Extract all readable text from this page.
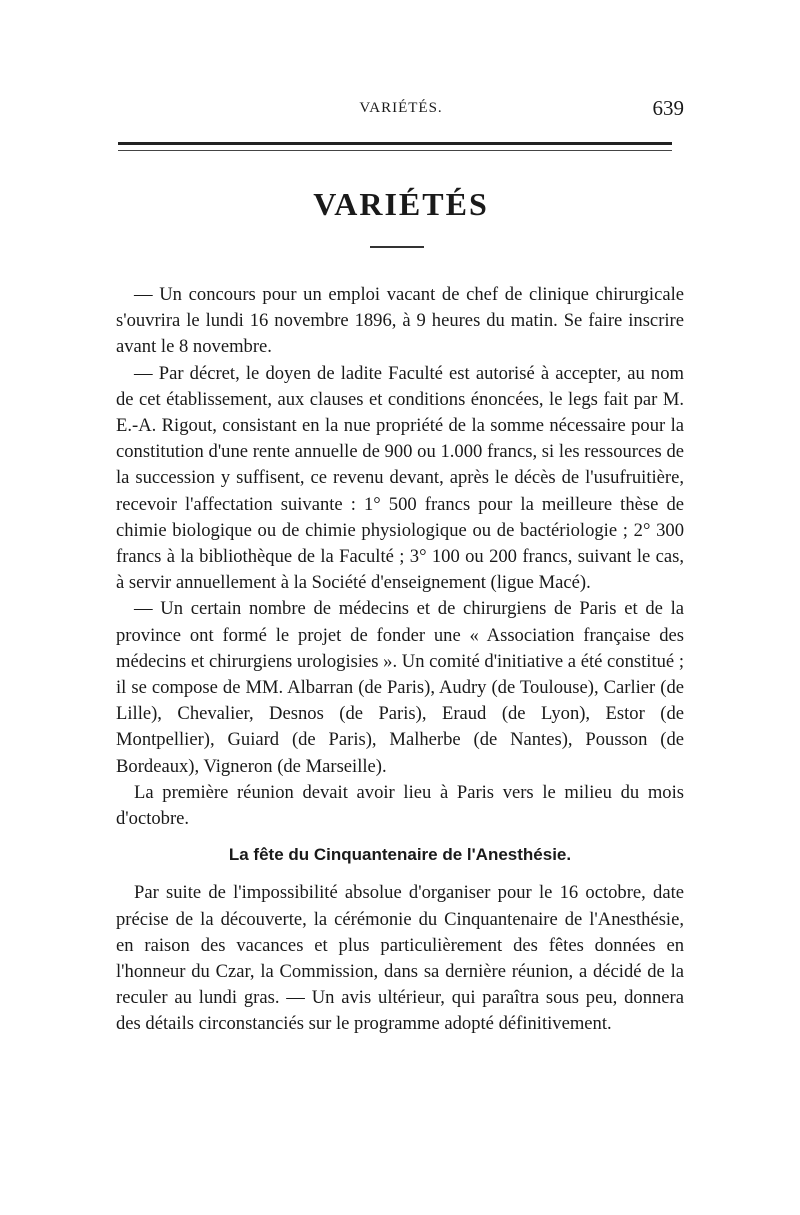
VARIÉTÉS.	639
VARIÉTÉS

— Un concours pour un emploi vacant de chef de clinique chirurgicale s'ouvrira le lundi 16 novembre 1896, à 9 heures du matin. Se faire inscrire avant le 8 novembre.

— Par décret, le doyen de ladite Faculté est autorisé à accepter, au nom de cet établissement, aux clauses et conditions énoncées, le legs fait par M. E.-A. Rigout, consistant en la nue propriété de la somme nécessaire pour la constitution d'une rente annuelle de 900 ou 1.000 francs, si les ressources de la succession y suffisent, ce revenu devant, après le décès de l'usufruitière, recevoir l'affectation suivante : 1° 500 francs pour la meilleure thèse de chimie biologique ou de chimie physiologique ou de bactériologie ; 2° 300 francs à la bibliothèque de la Faculté ; 3° 100 ou 200 francs, suivant le cas, à servir annuellement à la Société d'enseignement (ligue Macé).

— Un certain nombre de médecins et de chirurgiens de Paris et de la province ont formé le projet de fonder une « Association française des médecins et chirurgiens urologisies ». Un comité d'initiative a été constitué ; il se compose de MM. Albarran (de Paris), Audry (de Toulouse), Carlier (de Lille), Chevalier, Desnos (de Paris), Eraud (de Lyon), Estor (de Montpellier), Guiard (de Paris), Malherbe (de Nantes), Pousson (de Bordeaux), Vigneron (de Marseille).

La première réunion devait avoir lieu à Paris vers le milieu du mois d'octobre.

La fête du Cinquantenaire de l'Anesthésie.

Par suite de l'impossibilité absolue d'organiser pour le 16 octobre, date précise de la découverte, la cérémonie du Cinquantenaire de l'Anesthésie, en raison des vacances et plus particulièrement des fêtes données en l'honneur du Czar, la Commission, dans sa dernière réunion, a décidé de la reculer au lundi gras. — Un avis ultérieur, qui paraîtra sous peu, donnera des détails circonstanciés sur le programme adopté définitivement.
